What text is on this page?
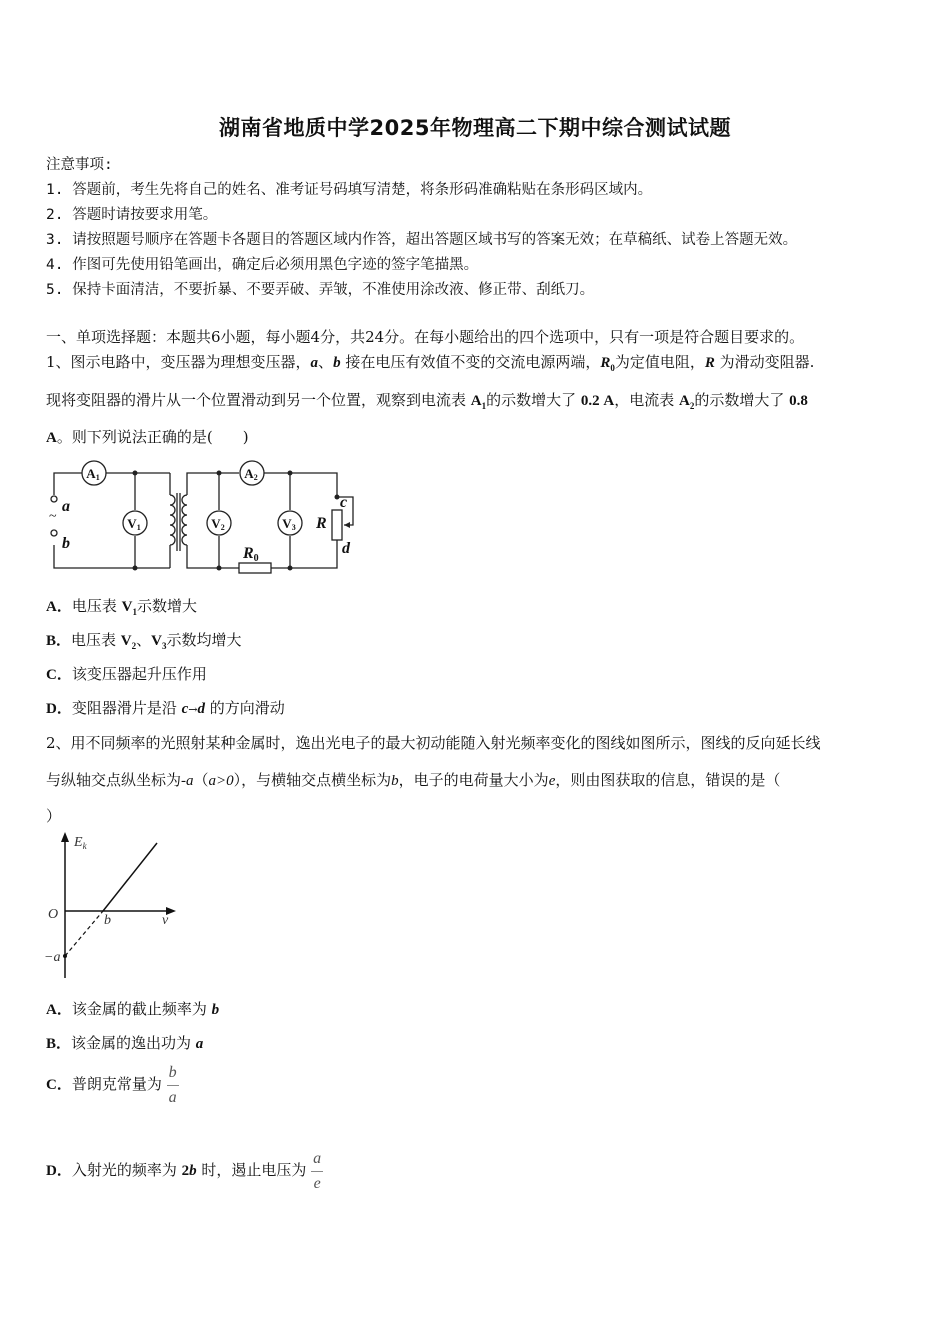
湖南省地质中学2025年物理高二下期中综合测试试题
注意事项:
1. 答题前，考生先将自己的姓名、准考证号码填写清楚，将条形码准确粘贴在条形码区域内。
2. 答题时请按要求用笔。
3. 请按照题号顺序在答题卡各题目的答题区域内作答，超出答题区域书写的答案无效；在草稿纸、试卷上答题无效。
4. 作图可先使用铅笔画出，确定后必须用黑色字迹的签字笔描黑。
5. 保持卡面清洁，不要折暴、不要弄破、弄皱，不准使用涂改液、修正带、刮纸刀。
一、单项选择题：本题共6小题，每小题4分，共24分。在每小题给出的四个选项中，只有一项是符合题目要求的。
1、图示电路中，变压器为理想变压器，a、b 接在电压有效值不变的交流电源两端，$R_0$为定值电阻，R 为滑动变阻器.
现将变阻器的滑片从一个位置滑动到另一个位置，观察到电流表 $A_1$的示数增大了 0.2 A，电流表 $A_2$的示数增大了 0.8
A。则下列说法正确的是(　　)
A1	A2
V1	V2	V3
a
b
c
d
R
R0
~
A．电压表 $V_1$示数增大
B．电压表 $V_2$、$V_3$示数均增大
C．该变压器起升压作用
D．变阻器滑片是沿 c→d 的方向滑动
2、用不同频率的光照射某种金属时，逸出光电子的最大初动能随入射光频率变化的图线如图所示，图线的反向延长线
与纵轴交点纵坐标为-a（a>0），与横轴交点横坐标为b，电子的电荷量大小为e，则由图获取的信息，错误的是（
）
$E_k$
O	b	ν
−a
A．该金属的截止频率为 b
B．该金属的逸出功为 a
C．普朗克常量为 $\frac{b}{a}$
D．入射光的频率为 2b 时，遏止电压为 $\frac{a}{e}$
